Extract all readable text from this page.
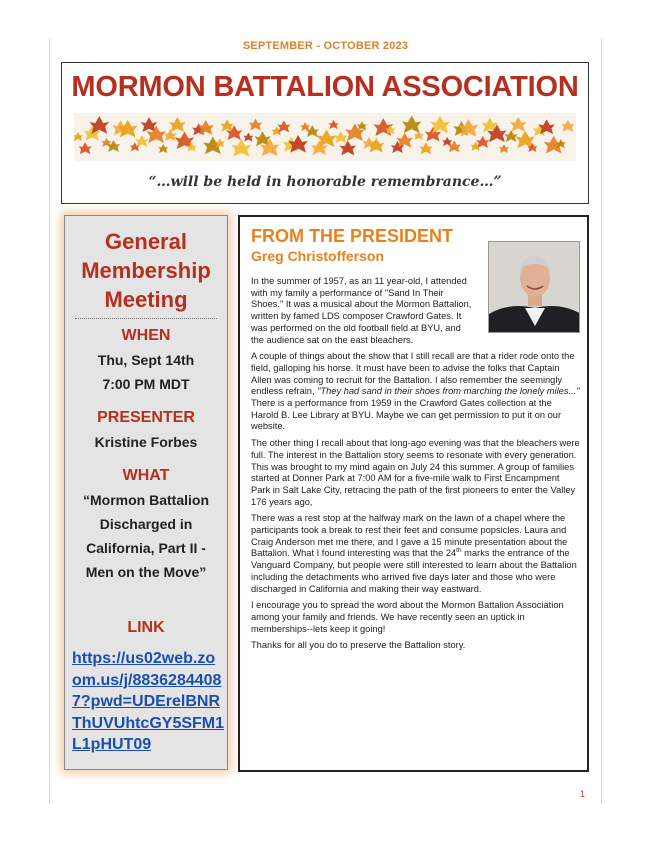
SEPTEMBER - OCTOBER 2023
MORMON BATTALION ASSOCIATION
“…will be held in honorable remembrance…”
General
Membership
Meeting
WHEN
Thu, Sept 14th
7:00 PM MDT
PRESENTER
Kristine Forbes
WHAT
“Mormon Battalion
Discharged in
California, Part II -
Men on the Move”
LINK
https://us02web.zoom.us/j/88362844087?pwd=UDErelBNRThUVUhtcGY5SFM1L1pHUT09
FROM THE PRESIDENT
Greg Christofferson

In the summer of 1957, as an 11 year-old, I attended with my family a performance of "Sand In Their Shoes." It was a musical about the Mormon Battalion, written by famed LDS composer Crawford Gates. It was performed on the old football field at BYU, and the audience sat on the east bleachers.

A couple of things about the show that I still recall are that a rider rode onto the field, galloping his horse. It must have been to advise the folks that Captain Allen was coming to recruit for the Battalion. I also remember the seemingly endless refrain, "They had sand in their shoes from marching the lonely miles..." There is a performance from 1959 in the Crawford Gates collection at the Harold B. Lee Library at BYU. Maybe we can get permission to put it on our website.

The other thing I recall about that long-ago evening was that the bleachers were full. The interest in the Battalion story seems to resonate with every generation. This was brought to my mind again on July 24 this summer. A group of families started at Donner Park at 7:00 AM for a five-mile walk to First Encampment Park in Salt Lake City, retracing the path of the first pioneers to enter the Valley 176 years ago,

There was a rest stop at the halfway mark on the lawn of a chapel where the participants took a break to rest their feet and consume popsicles. Laura and Craig Anderson met me there, and I gave a 15 minute presentation about the Battalion. What I found interesting was that the 24th marks the entrance of the Vanguard Company, but people were still interested to learn about the Battalion including the detachments who arrived five days later and those who were discharged in California and making their way eastward.

I encourage you to spread the word about the Mormon Battalion Association among your family and friends. We have recently seen an uptick in memberships--lets keep it going!

Thanks for all you do to preserve the Battalion story.

1
